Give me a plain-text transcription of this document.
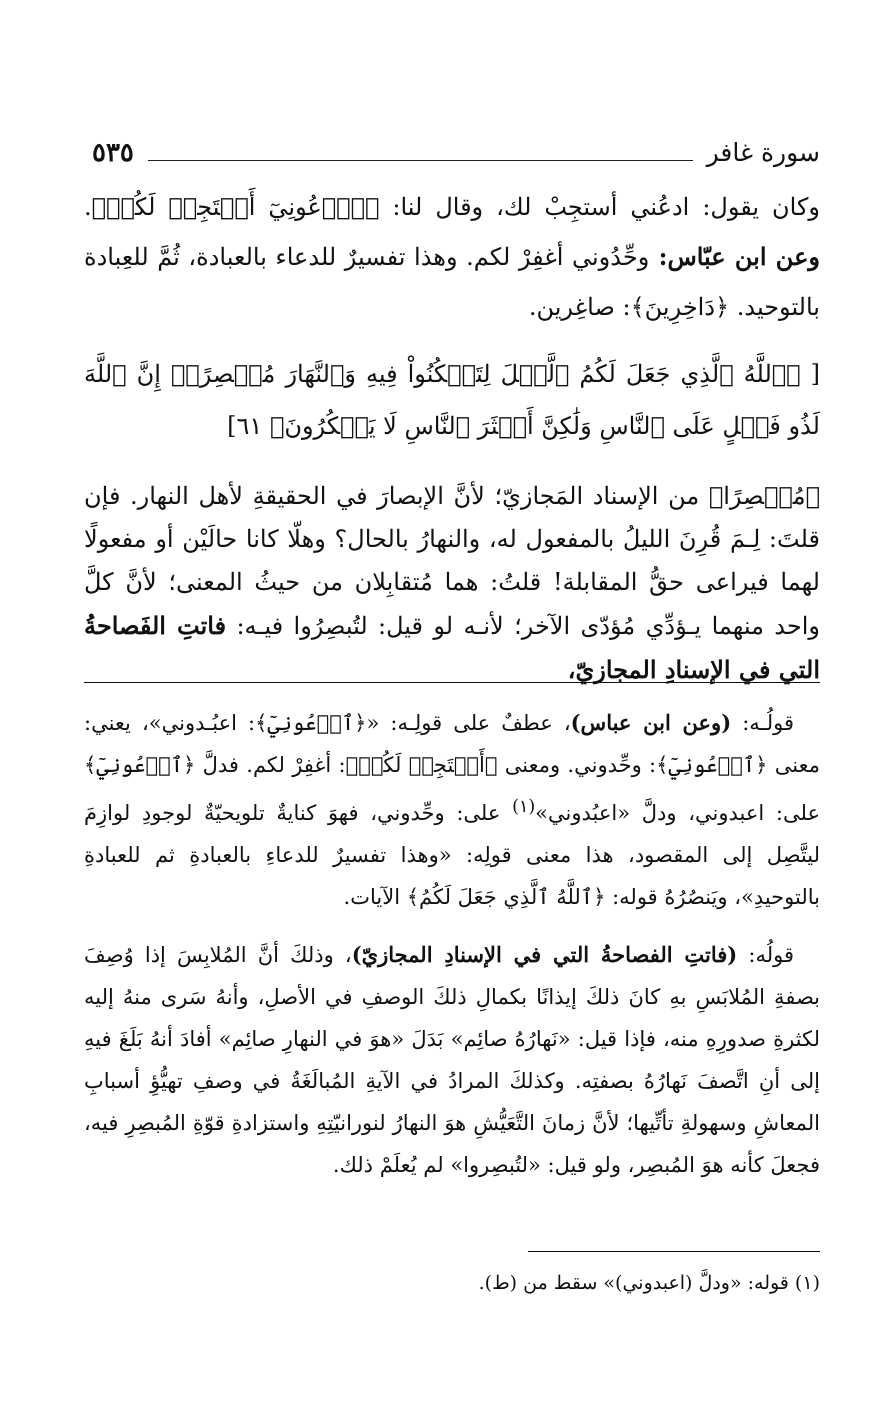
سورة غافر
٥٣٥

وكان يقول: ادعُني أستجِبْ لك، وقال لنا: ﴿ٱدۡعُونِيٓ أَسۡتَجِبۡ لَكُمۡ﴾. وعن ابن عبّاس: وحِّدُوني أغفِرْ لكم. وهذا تفسيرٌ للدعاء بالعبادة، ثُمَّ للعِبادة بالتوحيد. ﴿دَاخِرِينَ﴾: صاغِرين.

[ ﴿ٱللَّهُ ٱلَّذِي جَعَلَ لَكُمُ ٱلَّيۡلَ لِتَسۡكُنُواْ فِيهِ وَٱلنَّهَارَ مُبۡصِرًاۚ إِنَّ ٱللَّهَ لَذُو فَضۡلٍ عَلَى ٱلنَّاسِ وَلَٰكِنَّ أَكۡثَرَ ٱلنَّاسِ لَا يَشۡكُرُونَ﴾ ٦١]

﴿مُبۡصِرًا﴾ من الإسناد المَجازيّ؛ لأنَّ الإبصارَ في الحقيقةِ لأهل النهار. فإن قلتَ: لِـمَ قُرِنَ الليلُ بالمفعول له، والنهارُ بالحال؟ وهلّا كانا حالَيْن أو مفعولًا لهما فيراعى حقُّ المقابلة! قلتُ: هما مُتقابِلان من حيثُ المعنى؛ لأنَّ كلَّ واحد منهما يـؤدِّي مُؤدّى الآخر؛ لأنـه لو قيل: لتُبصِرُوا فيـه: فاتتِ الفَصاحةُ التي في الإسنادِ المجازيّ،

قولُـه: (وعن ابن عباس)، عطفٌ على قولِـه: «﴿ٱدۡعُونِيٓ﴾: اعبُـدوني»، يعني: معنى ﴿ٱدۡعُونِيٓ﴾: وحِّدوني. ومعنى ﴿أَسۡتَجِبۡ لَكُمۡ﴾: أغفِرْ لكم. فدلَّ ﴿ٱدۡعُونِيٓ﴾ على: اعبدوني، ودلَّ «اعبُدوني»$^{(١)}$ على: وحِّدوني، فهوَ كنايةٌ تلويحيّةٌ لوجودِ لوازِمَ ليتَّصِل إلى المقصود، هذا معنى قولِه: «وهذا تفسيرٌ للدعاءِ بالعبادةِ ثم للعبادةِ بالتوحيدِ»، ويَنصُرُهُ قوله: ﴿ٱللَّهُ ٱلَّذِي جَعَلَ لَكُمُ﴾ الآيات.

قولُه: (فاتتِ الفصاحةُ التي في الإسنادِ المجازيّ)، وذلكَ أنَّ المُلابِسَ إذا وُصِفَ بصفةِ المُلابَسِ بهِ كانَ ذلكَ إيذانًا بكمالِ ذلكَ الوصفِ في الأصلِ، وأنهُ سَرى منهُ إليه لكثرةِ صدورِهِ منه، فإذا قيل: «نَهارُهُ صائِم» بَدَلَ «هوَ في النهارِ صائِم» أفادَ أنهُ بَلَغَ فيهِ إلى أنِ اتَّصفَ نَهارُهُ بصفتِه. وكذلكَ المرادُ في الآيةِ المُبالَغَةُ في وصفِ تهيُّؤِ أسبابِ المعاشِ وسهولةِ تأتِّيها؛ لأنَّ زمانَ التَّعَيُّشِ هوَ النهارُ لنورانيّتِهِ واستزادةِ قوّةِ المُبصِرِ فيه، فجعلَ كأنه هوَ المُبصِر، ولو قيل: «لتُبصِروا» لم يُعلَمْ ذلك.

(١) قوله: «ودلَّ (اعبدوني)» سقط من (ط).
